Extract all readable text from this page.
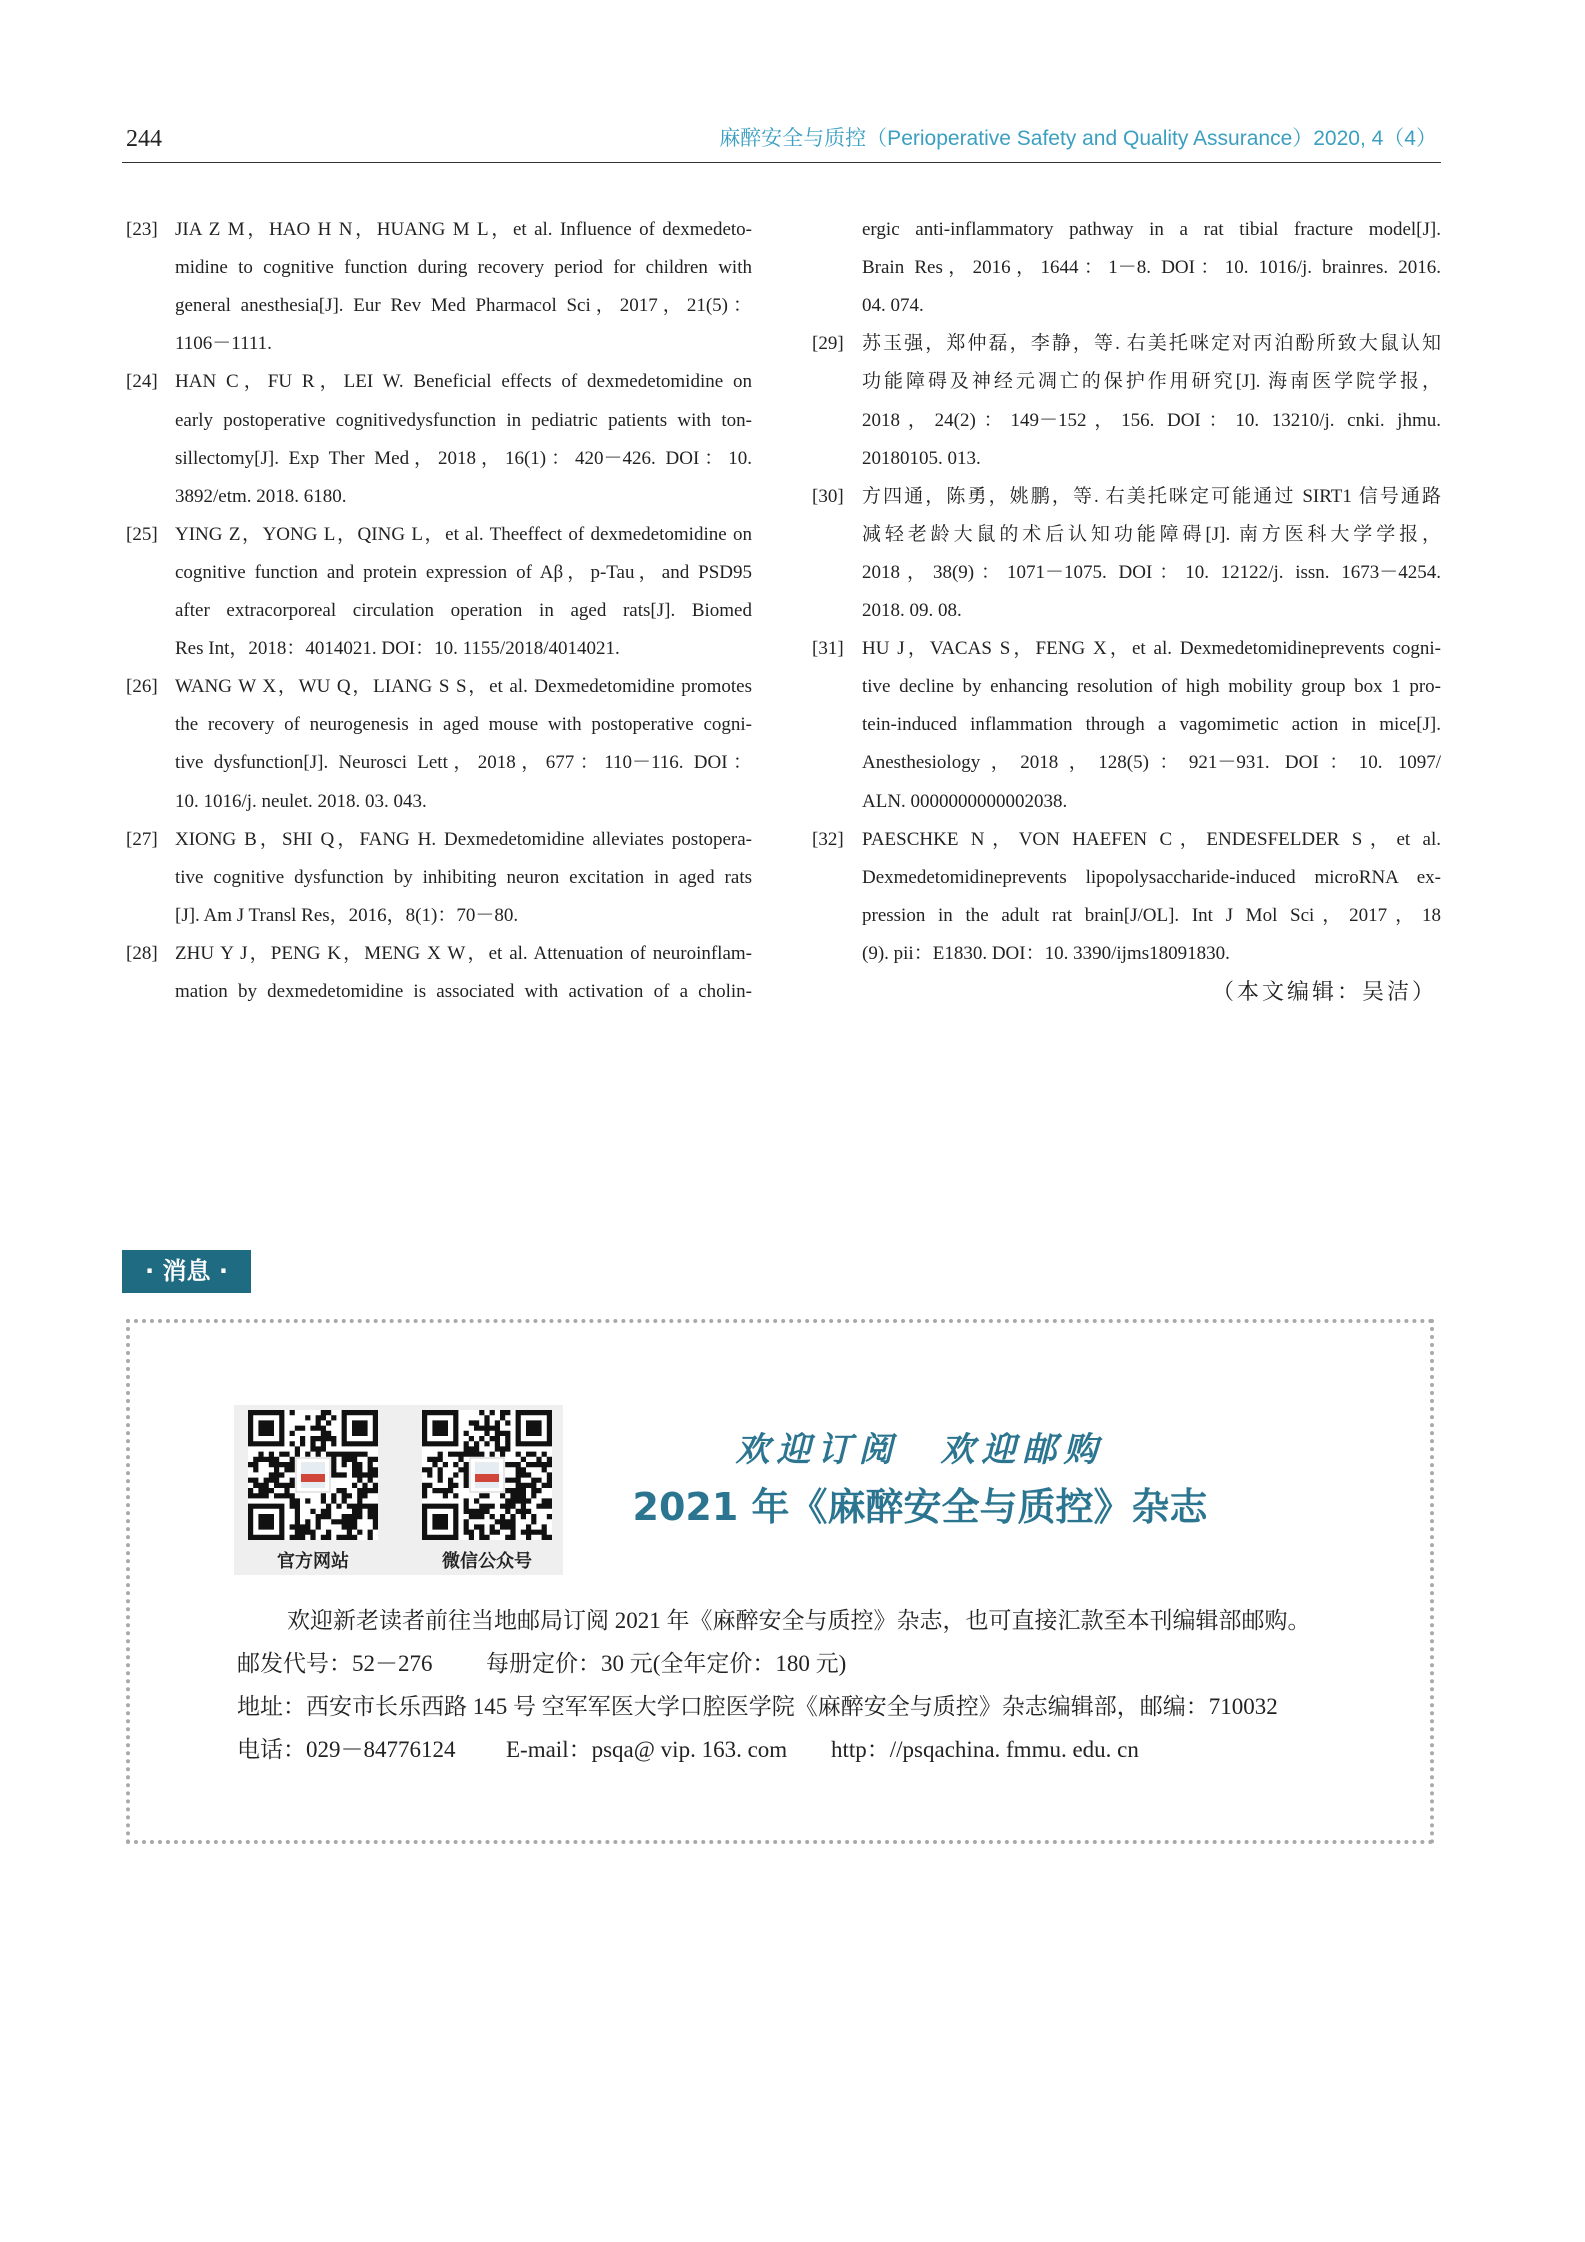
244	麻醉安全与质控（Perioperative Safety and Quality Assurance）2020, 4（4）
[23] JIA Z M，HAO H N，HUANG M L，et al. Influence of dexmedeto-
midine to cognitive function during recovery period for children with
general anesthesia[J]. Eur Rev Med Pharmacol Sci，2017，21(5)：
1106－1111.
[24] HAN C，FU R，LEI W. Beneficial effects of dexmedetomidine on
early postoperative cognitivedysfunction in pediatric patients with ton-
sillectomy[J]. Exp Ther Med，2018，16(1)：420－426. DOI：10.
3892/etm. 2018. 6180.
[25] YING Z，YONG L，QING L，et al. Theeffect of dexmedetomidine on
cognitive function and protein expression of Aβ，p-Tau，and PSD95
after extracorporeal circulation operation in aged rats[J]. Biomed
Res Int，2018：4014021. DOI：10. 1155/2018/4014021.
[26] WANG W X，WU Q，LIANG S S，et al. Dexmedetomidine promotes
the recovery of neurogenesis in aged mouse with postoperative cogni-
tive dysfunction[J]. Neurosci Lett，2018，677：110－116. DOI：
10. 1016/j. neulet. 2018. 03. 043.
[27] XIONG B，SHI Q，FANG H. Dexmedetomidine alleviates postopera-
tive cognitive dysfunction by inhibiting neuron excitation in aged rats
[J]. Am J Transl Res，2016，8(1)：70－80.
[28] ZHU Y J，PENG K，MENG X W，et al. Attenuation of neuroinflam-
mation by dexmedetomidine is associated with activation of a cholin-
ergic anti-inflammatory pathway in a rat tibial fracture model[J].
Brain Res，2016，1644：1－8. DOI：10. 1016/j. brainres. 2016.
04. 074.
[29] 苏玉强，郑仲磊，李静，等. 右美托咪定对丙泊酚所致大鼠认知
功能障碍及神经元凋亡的保护作用研究[J]. 海南医学院学报，
2018，24(2)：149－152，156. DOI：10. 13210/j. cnki. jhmu.
20180105. 013.
[30] 方四通，陈勇，姚鹏，等. 右美托咪定可能通过 SIRT1 信号通路
减轻老龄大鼠的术后认知功能障碍[J]. 南方医科大学学报，
2018，38(9)：1071－1075. DOI：10. 12122/j. issn. 1673－4254.
2018. 09. 08.
[31] HU J，VACAS S，FENG X，et al. Dexmedetomidineprevents cogni-
tive decline by enhancing resolution of high mobility group box 1 pro-
tein-induced inflammation through a vagomimetic action in mice[J].
Anesthesiology，2018，128(5)：921－931. DOI：10. 1097/
ALN. 0000000000002038.
[32] PAESCHKE N，VON HAEFEN C，ENDESFELDER S，et al.
Dexmedetomidineprevents lipopolysaccharide-induced microRNA ex-
pression in the adult rat brain[J/OL]. Int J Mol Sci，2017，18
(9). pii：E1830. DOI：10. 3390/ijms18091830.
（本文编辑：吴洁）
· 消息 ·
官方网站	微信公众号
欢迎订阅　欢迎邮购
2021 年《麻醉安全与质控》杂志
欢迎新老读者前往当地邮局订阅 2021 年《麻醉安全与质控》杂志，也可直接汇款至本刊编辑部邮购。
邮发代号：52－276 每册定价：30 元(全年定价：180 元)
地址：西安市长乐西路 145 号 空军军医大学口腔医学院《麻醉安全与质控》杂志编辑部，邮编：710032
电话：029－84776124 E-mail：psqa@ vip. 163. com http：//psqachina. fmmu. edu. cn
